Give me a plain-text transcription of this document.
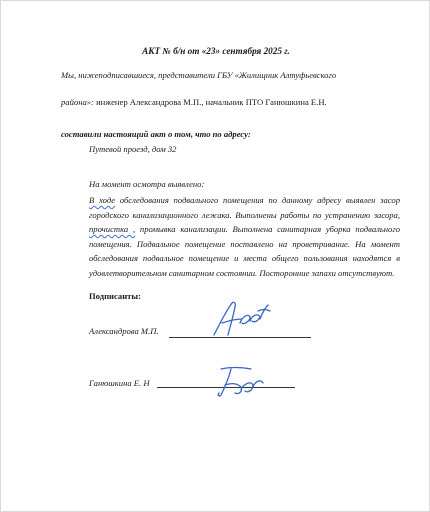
АКТ № б/н от «23» сентября 2025 г.
Мы, нижеподписавшиеся, представители ГБУ «Жилищник Алтуфьевского
района»: инженер Александрова М.П., начальник ПТО Ганюшкина Е.Н.
составили настоящий акт о том, что по адресу:
Путевой проезд, дом 32
На момент осмотра выявлено:
В ходе обследования подвального помещения по данному адресу выявлен засор городского канализационного лежака. Выполнены работы по устранению засора, прочистка , промывка канализации. Выполнена санитарная уборка подвального помещения. Подвальное помещение поставлено на проветривание. На момент обследования подвальное помещение и места общего пользования находятся в удовлетворительном санитарном состоянии. Посторонние запахи отсутствуют.
Подписанты:
Александрова М.П.
Ганюшкина Е. Н
